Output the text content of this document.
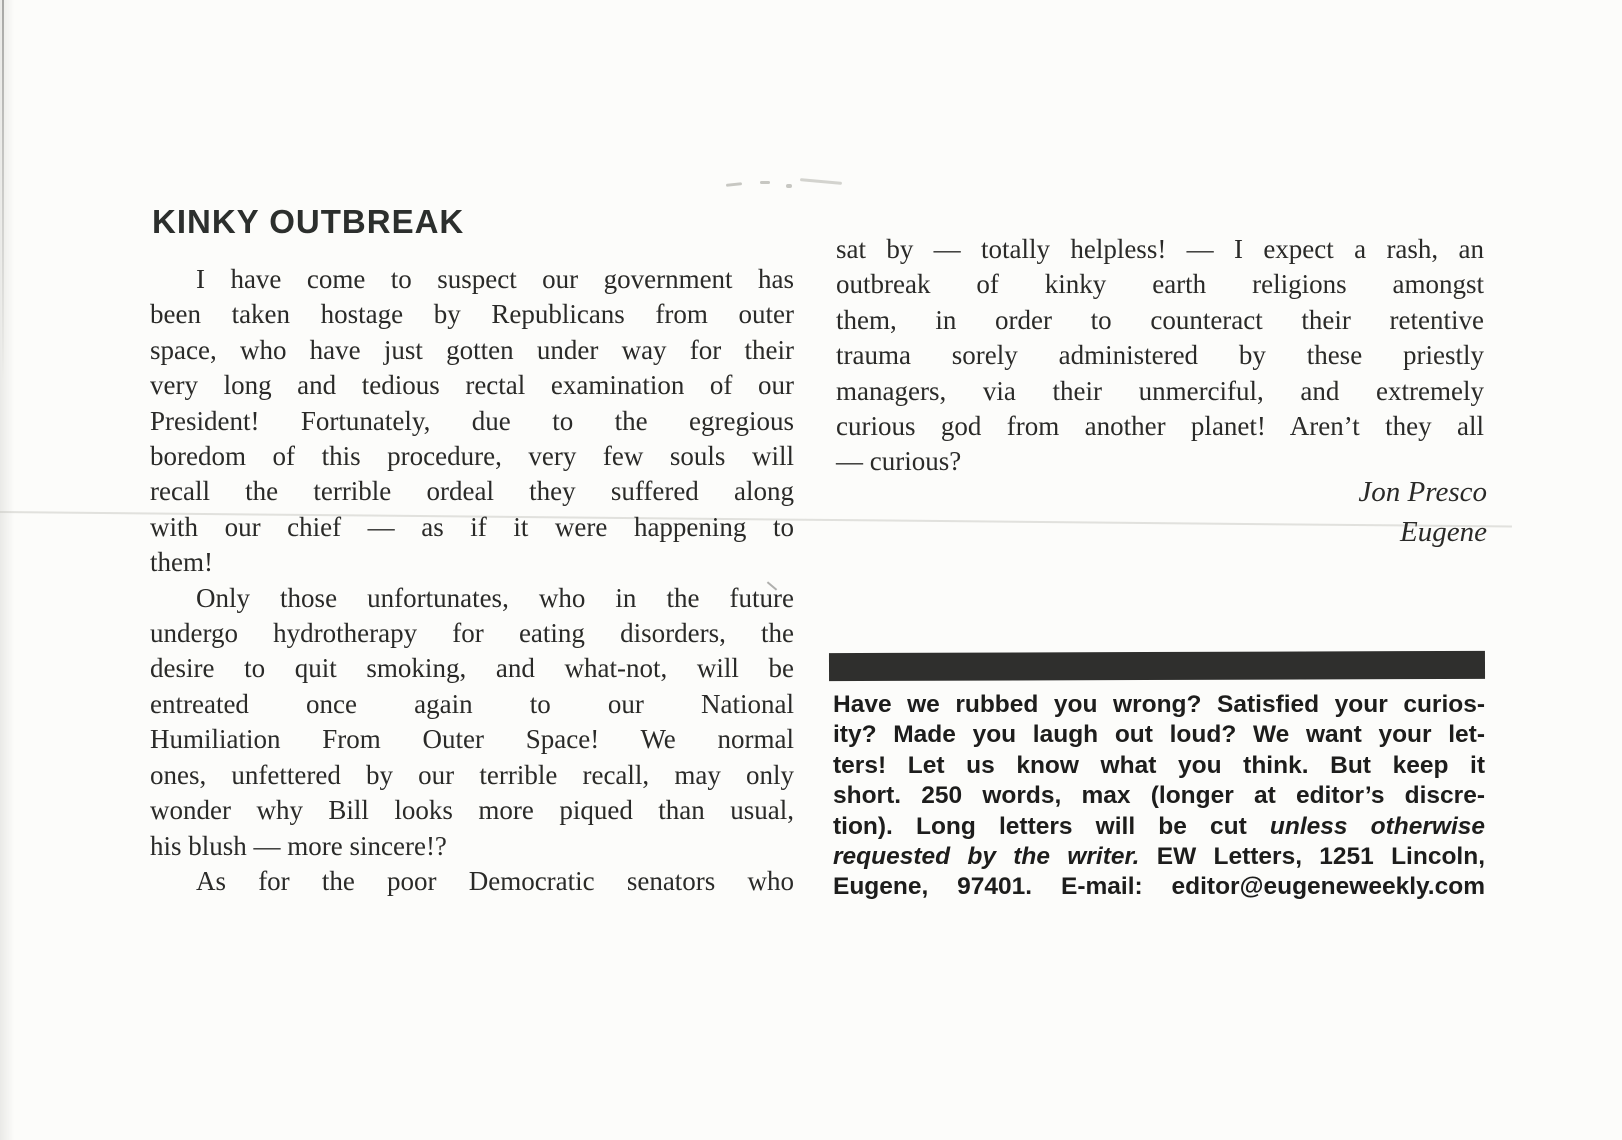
KINKY OUTBREAK
I have come to suspect our government has
been taken hostage by Republicans from outer
space, who have just gotten under way for their
very long and tedious rectal examination of our
President! Fortunately, due to the egregious
boredom of this procedure, very few souls will
recall the terrible ordeal they suffered along
with our chief — as if it were happening to
them!
Only those unfortunates, who in the future
undergo hydrotherapy for eating disorders, the
desire to quit smoking, and what-not, will be
entreated once again to our National
Humiliation From Outer Space! We normal
ones, unfettered by our terrible recall, may only
wonder why Bill looks more piqued than usual,
his blush — more sincere!?
As for the poor Democratic senators who
sat by — totally helpless! — I expect a rash, an
outbreak of kinky earth religions amongst
them, in order to counteract their retentive
trauma sorely administered by these priestly
managers, via their unmerciful, and extremely
curious god from another planet! Aren’t they all
— curious?
Jon Presco
Eugene
Have we rubbed you wrong? Satisfied your curios-
ity? Made you laugh out loud? We want your let-
ters! Let us know what you think. But keep it
short. 250 words, max (longer at editor’s discre-
tion). Long letters will be cut unless otherwise
requested by the writer. EW Letters, 1251 Lincoln,
Eugene, 97401. E-mail: editor@eugeneweekly.com
